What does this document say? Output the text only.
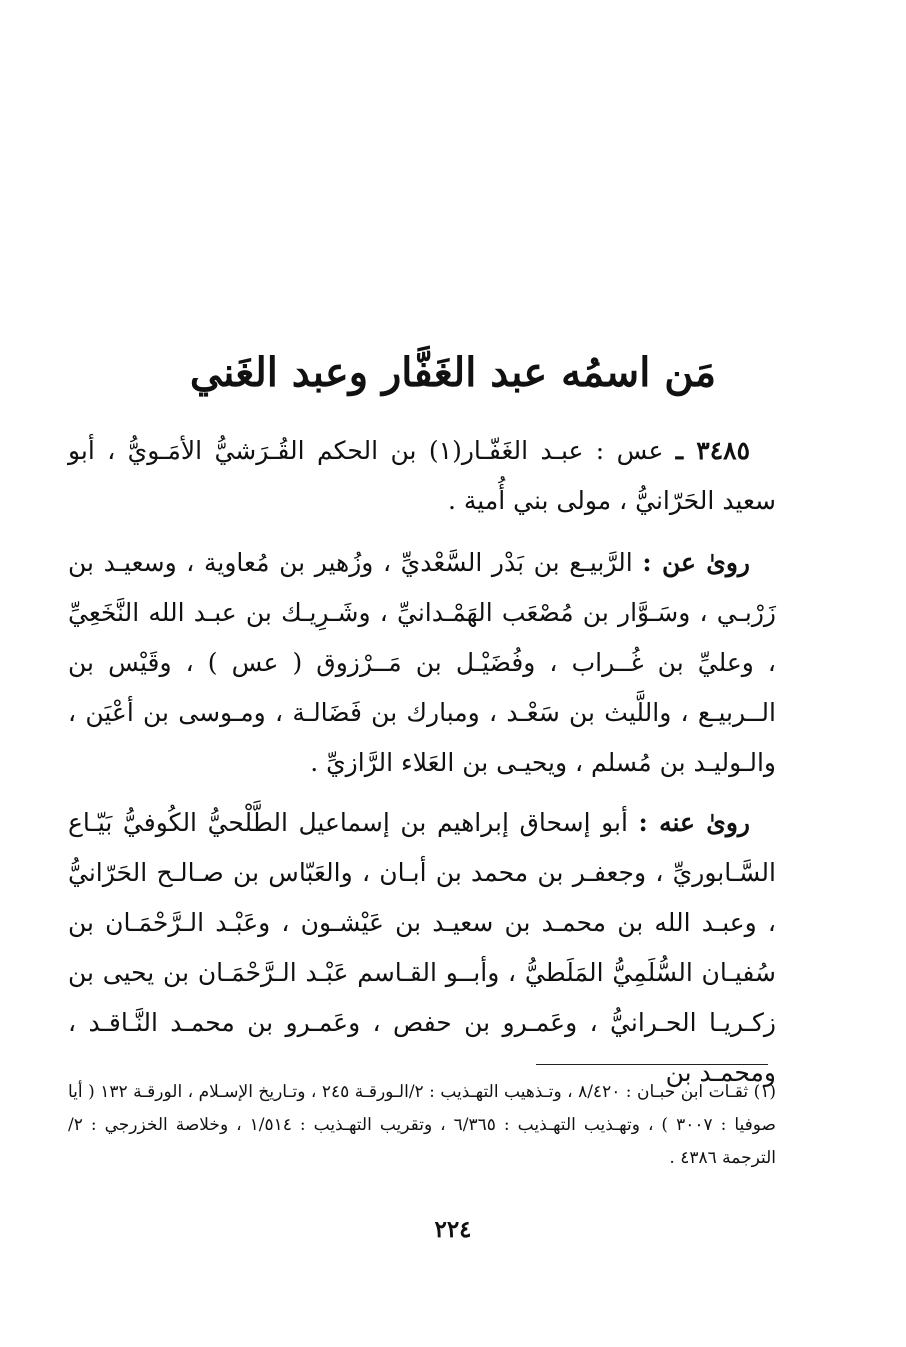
مَن اسمُه عبد الغَفَّار وعبد الغَني
٣٤٨٥ ـ عس : عبـد الغَفّـار(١) بن الحكم القُـرَشيُّ الأمَـويُّ ، أبو سعيد الحَرّانيُّ ، مولى بني أُمية .
روىٰ عن : الرَّبيـع بن بَدْر السَّعْديِّ ، وزُهير بن مُعاوية ، وسعيـد بن زَرْبـي ، وسَـوَّار بن مُصْعَب الهَمْـدانيِّ ، وشَـرِيـك بن عبـد الله النَّخَعِيِّ ، وعليِّ بن غُــراب ، وفُضَيْـل بن مَــرْزوق ( عس ) ، وقَيْس بن الــربيـع ، واللَّيث بن سَعْـد ، ومبارك بن فَضَالـة ، ومـوسى بن أعْيَن ، والـوليـد بن مُسلم ، ويحيـى بن العَلاء الرَّازيِّ .
روىٰ عنه : أبو إسحاق إبراهيم بن إسماعيل الطَّلْحيُّ الكُوفيُّ بَيّـاع السَّـابوريِّ ، وجعفـر بن محمد بن أبـان ، والعَبّاس بن صـالـح الحَرّانيُّ ، وعبـد الله بن محمـد بن سعيـد بن عَيْشـون ، وعَبْـد الـرَّحْمَـان بن سُفيـان السُّلَمِيُّ المَلَطيُّ ، وأبــو القـاسم عَبْـد الـرَّحْمَـان بن يحيى بن زكـريـا الحـرانيُّ ، وعَمـرو بن حفص ، وعَمـرو بن محمـد النَّـاقـد ، ومحمـد بن
(١) ثقـات ابن حبـان : ٨/٤٢٠ ، وتـذهيب التهـذيب : ٢/الـورقـة ٢٤٥ ، وتـاريخ الإسـلام ، الورقـة ١٣٢ ( أيا صوفيا : ٣٠٠٧ ) ، وتهـذيب التهـذيب : ٦/٣٦٥ ، وتقريب التهـذيب : ١/٥١٤ ، وخلاصة الخزرجي : ٢/الترجمة ٤٣٨٦ .
٢٢٤
